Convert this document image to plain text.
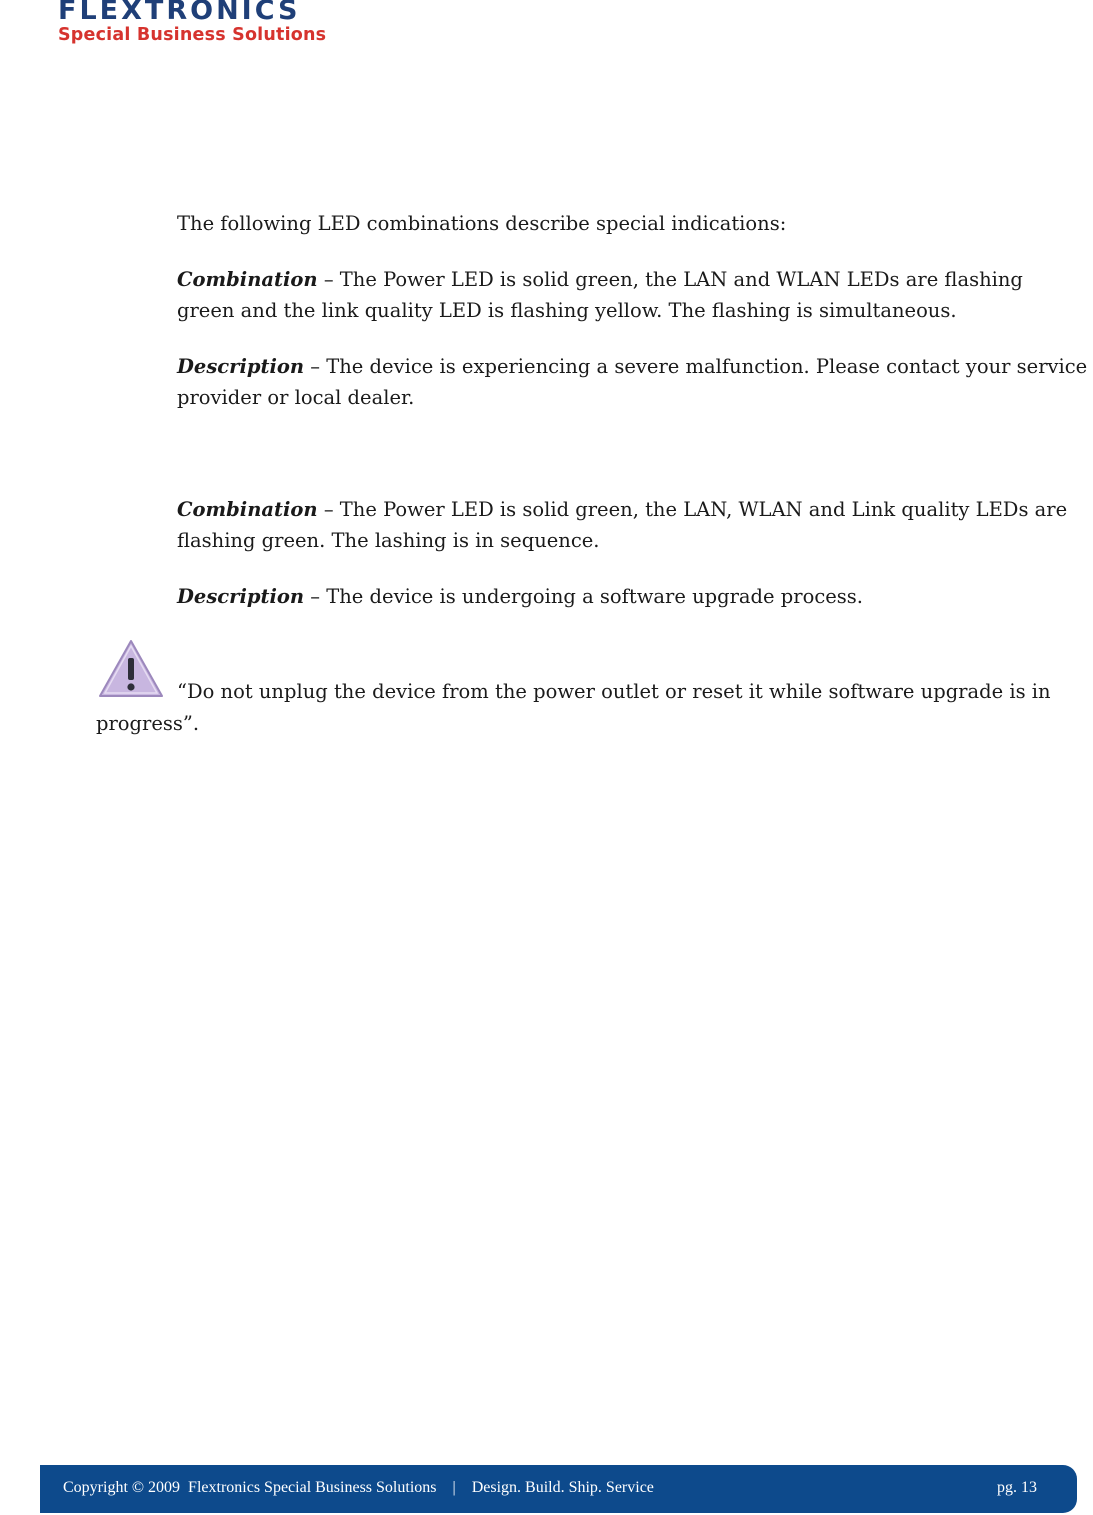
FLEXTRONICS
Special Business Solutions
The following LED combinations describe special indications:
Combination – The Power LED is solid green, the LAN and WLAN LEDs are flashing
green and the link quality LED is flashing yellow. The flashing is simultaneous.
Description – The device is experiencing a severe malfunction. Please contact your service
provider or local dealer.
Combination – The Power LED is solid green, the LAN, WLAN and Link quality LEDs are
flashing green. The lashing is in sequence.
Description – The device is undergoing a software upgrade process.
“Do not unplug the device from the power outlet or reset it while software upgrade is in
progress”.
Copyright © 2009  Flextronics Special Business Solutions    |    Design. Build. Ship. Service	pg. 13
